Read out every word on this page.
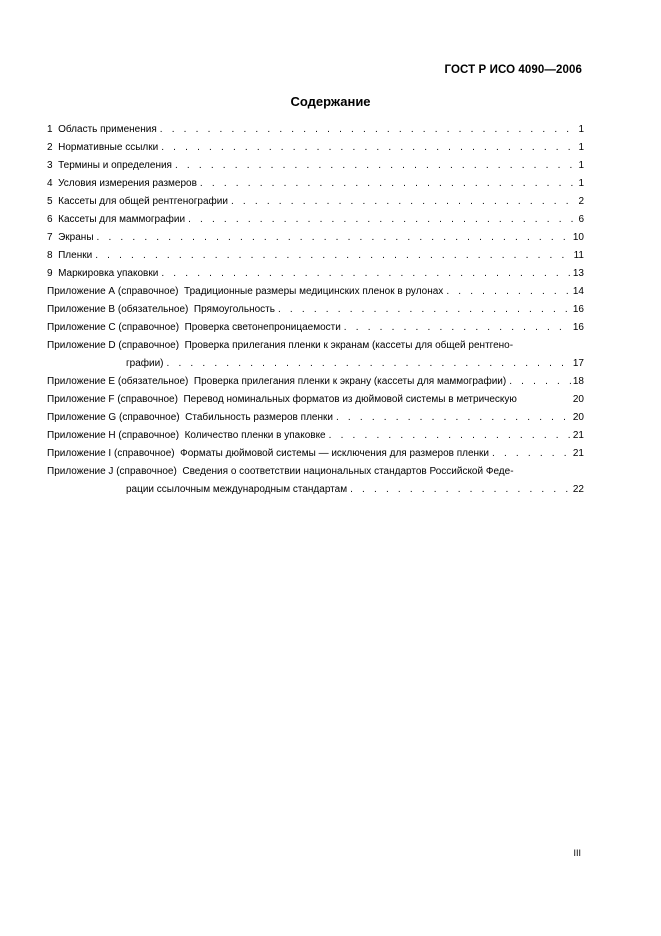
ГОСТ Р ИСО 4090—2006
Содержание
1  Область применения . . .	1
2  Нормативные ссылки . . .	1
3  Термины и определения . . .	1
4  Условия измерения размеров . . .	1
5  Кассеты для общей рентгенографии . . .	2
6  Кассеты для маммографии . . .	6
7  Экраны . . .	10
8  Пленки . . .	11
9  Маркировка упаковки . . .	13
Приложение А (справочное)  Традиционные размеры медицинских пленок в рулонах . . .	14
Приложение В (обязательное)  Прямоугольность . . .	16
Приложение С (справочное)  Проверка светонепроницаемости . . .	16
Приложение D (справочное)  Проверка прилегания пленки к экранам (кассеты для общей рентгено-
графии) . . .	17
Приложение Е (обязательное)  Проверка прилегания пленки к экрану (кассеты для маммографии) . . .	18
Приложение F (справочное)  Перевод номинальных форматов из дюймовой системы в метрическую	20
Приложение G (справочное)  Стабильность размеров пленки . . .	20
Приложение Н (справочное)  Количество пленки в упаковке . . .	21
Приложение I (справочное)  Форматы дюймовой системы — исключения для размеров пленки . . .	21
Приложение J (справочное)  Сведения о соответствии национальных стандартов Российской Феде-
рации ссылочным международным стандартам . . .	22
III
